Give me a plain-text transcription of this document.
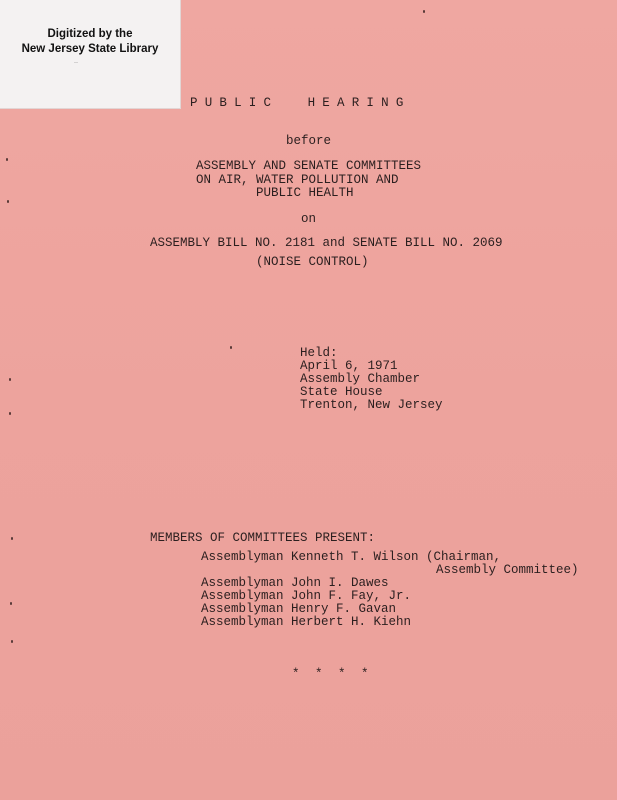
Digitized by the
New Jersey State Library
··
PUBLIC  HEARING
before
ASSEMBLY AND SENATE COMMITTEES
ON AIR, WATER POLLUTION AND
PUBLIC HEALTH
on
ASSEMBLY BILL NO. 2181 and SENATE BILL NO. 2069
(NOISE CONTROL)
Held:
April 6, 1971
Assembly Chamber
State House
Trenton, New Jersey
MEMBERS OF COMMITTEES PRESENT:
Assemblyman Kenneth T. Wilson (Chairman,
Assembly Committee)
Assemblyman John I. Dawes
Assemblyman John F. Fay, Jr.
Assemblyman Henry F. Gavan
Assemblyman Herbert H. Kiehn
* * * *
